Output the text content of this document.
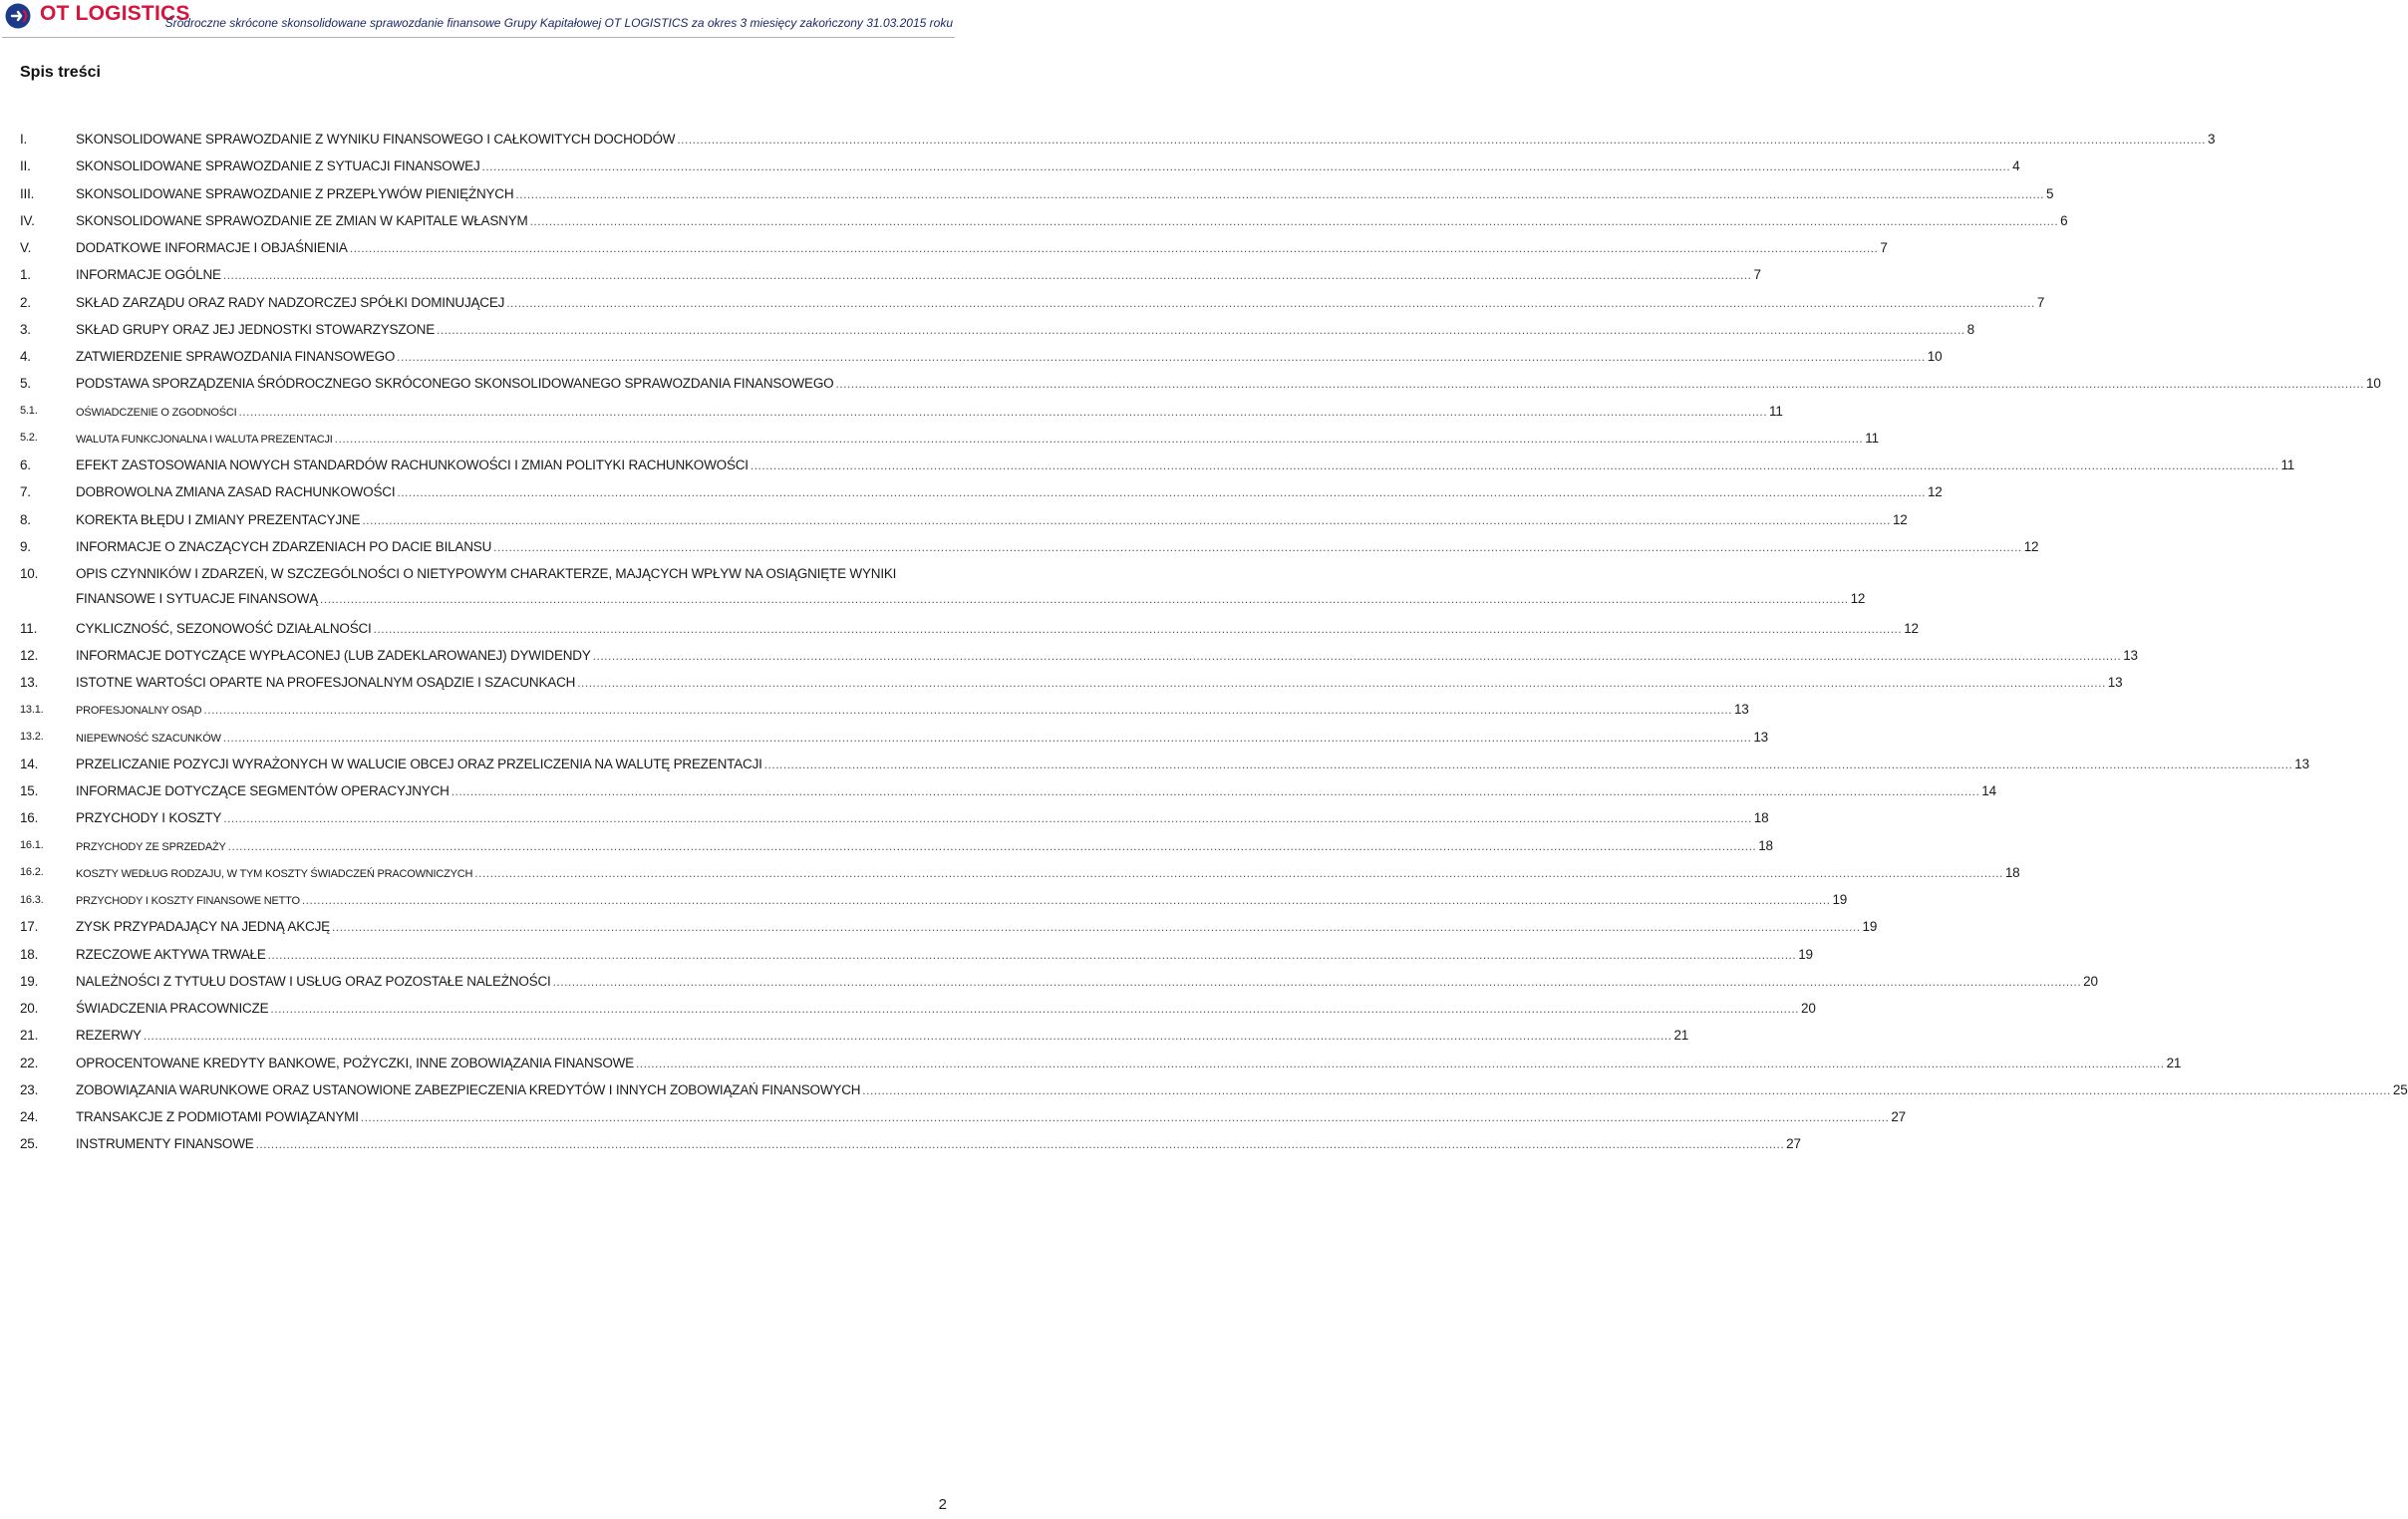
OT LOGISTICS
Śródroczne skrócone skonsolidowane sprawozdanie finansowe Grupy Kapitałowej OT LOGISTICS za okres 3 miesięcy zakończony 31.03.2015 roku
Spis treści
I.	SKONSOLIDOWANE SPRAWOZDANIE Z WYNIKU FINANSOWEGO I CAŁKOWITYCH DOCHODÓW ................................................................................................................................................................................................................................................................................................................................................................................................................ 3
II.	SKONSOLIDOWANE SPRAWOZDANIE Z SYTUACJI FINANSOWEJ ................................................................................................................................................................................................................................................................................................................................................................................................................ 4
III.	SKONSOLIDOWANE SPRAWOZDANIE Z PRZEPŁYWÓW PIENIĘŻNYCH ................................................................................................................................................................................................................................................................................................................................................................................................................ 5
IV.	SKONSOLIDOWANE SPRAWOZDANIE ZE ZMIAN W KAPITALE WŁASNYM ................................................................................................................................................................................................................................................................................................................................................................................................................ 6
V.	DODATKOWE INFORMACJE I OBJAŚNIENIA ................................................................................................................................................................................................................................................................................................................................................................................................................ 7
1.	INFORMACJE OGÓLNE ................................................................................................................................................................................................................................................................................................................................................................................................................ 7
2.	SKŁAD ZARZĄDU ORAZ RADY NADZORCZEJ SPÓŁKI DOMINUJĄCEJ ................................................................................................................................................................................................................................................................................................................................................................................................................ 7
3.	SKŁAD GRUPY ORAZ JEJ JEDNOSTKI STOWARZYSZONE ................................................................................................................................................................................................................................................................................................................................................................................................................ 8
4.	ZATWIERDZENIE SPRAWOZDANIA FINANSOWEGO ................................................................................................................................................................................................................................................................................................................................................................................................................ 10
5.	PODSTAWA SPORZĄDZENIA ŚRÓDROCZNEGO SKRÓCONEGO SKONSOLIDOWANEGO SPRAWOZDANIA FINANSOWEGO ................................................................................................................................................................................................................................................................................................................................................................................................................ 10
5.1.	OŚWIADCZENIE O ZGODNOŚCI ................................................................................................................................................................................................................................................................................................................................................................................................................ 11
5.2.	WALUTA FUNKCJONALNA I WALUTA PREZENTACJI ................................................................................................................................................................................................................................................................................................................................................................................................................ 11
6.	EFEKT ZASTOSOWANIA NOWYCH STANDARDÓW RACHUNKOWOŚCI I ZMIAN POLITYKI RACHUNKOWOŚCI ................................................................................................................................................................................................................................................................................................................................................................................................................ 11
7.	DOBROWOLNA ZMIANA ZASAD RACHUNKOWOŚCI ................................................................................................................................................................................................................................................................................................................................................................................................................ 12
8.	KOREKTA BŁĘDU I ZMIANY PREZENTACYJNE ................................................................................................................................................................................................................................................................................................................................................................................................................ 12
9.	INFORMACJE O ZNACZĄCYCH ZDARZENIACH PO DACIE BILANSU ................................................................................................................................................................................................................................................................................................................................................................................................................ 12
10.	OPIS CZYNNIKÓW I ZDARZEŃ, W SZCZEGÓLNOŚCI O NIETYPOWYM CHARAKTERZE, MAJĄCYCH WPŁYW NA OSIĄGNIĘTE WYNIKI
FINANSOWE I SYTUACJE FINANSOWĄ ................................................................................................................................................................................................................................................................................................................................................................................................................ 12
11.	CYKLICZNOŚĆ, SEZONOWOŚĆ DZIAŁALNOŚCI ................................................................................................................................................................................................................................................................................................................................................................................................................ 12
12.	INFORMACJE DOTYCZĄCE WYPŁACONEJ (LUB ZADEKLAROWANEJ) DYWIDENDY ................................................................................................................................................................................................................................................................................................................................................................................................................ 13
13.	ISTOTNE WARTOŚCI OPARTE NA PROFESJONALNYM OSĄDZIE I SZACUNKACH ................................................................................................................................................................................................................................................................................................................................................................................................................ 13
13.1.	PROFESJONALNY OSĄD ................................................................................................................................................................................................................................................................................................................................................................................................................ 13
13.2.	NIEPEWNOŚĆ SZACUNKÓW ................................................................................................................................................................................................................................................................................................................................................................................................................ 13
14.	PRZELICZANIE POZYCJI WYRAŻONYCH W WALUCIE OBCEJ ORAZ PRZELICZENIA NA WALUTĘ PREZENTACJI ................................................................................................................................................................................................................................................................................................................................................................................................................ 13
15.	INFORMACJE DOTYCZĄCE SEGMENTÓW OPERACYJNYCH ................................................................................................................................................................................................................................................................................................................................................................................................................ 14
16.	PRZYCHODY I KOSZTY ................................................................................................................................................................................................................................................................................................................................................................................................................ 18
16.1.	PRZYCHODY ZE SPRZEDAŻY ................................................................................................................................................................................................................................................................................................................................................................................................................ 18
16.2.	KOSZTY WEDŁUG RODZAJU, W TYM KOSZTY ŚWIADCZEŃ PRACOWNICZYCH ................................................................................................................................................................................................................................................................................................................................................................................................................ 18
16.3.	PRZYCHODY I KOSZTY FINANSOWE NETTO ................................................................................................................................................................................................................................................................................................................................................................................................................ 19
17.	ZYSK PRZYPADAJĄCY NA JEDNĄ AKCJĘ ................................................................................................................................................................................................................................................................................................................................................................................................................ 19
18.	RZECZOWE AKTYWA TRWAŁE ................................................................................................................................................................................................................................................................................................................................................................................................................ 19
19.	NALEŻNOŚCI Z TYTUŁU DOSTAW I USŁUG ORAZ POZOSTAŁE NALEŻNOŚCI ................................................................................................................................................................................................................................................................................................................................................................................................................ 20
20.	ŚWIADCZENIA PRACOWNICZE ................................................................................................................................................................................................................................................................................................................................................................................................................ 20
21.	REZERWY ................................................................................................................................................................................................................................................................................................................................................................................................................ 21
22.	OPROCENTOWANE KREDYTY BANKOWE, POŻYCZKI, INNE ZOBOWIĄZANIA FINANSOWE ................................................................................................................................................................................................................................................................................................................................................................................................................ 21
23.	ZOBOWIĄZANIA WARUNKOWE ORAZ USTANOWIONE ZABEZPIECZENIA KREDYTÓW I INNYCH ZOBOWIĄZAŃ FINANSOWYCH ................................................................................................................................................................................................................................................................................................................................................................................................................ 25
24.	TRANSAKCJE Z PODMIOTAMI POWIĄZANYMI ................................................................................................................................................................................................................................................................................................................................................................................................................ 27
25.	INSTRUMENTY FINANSOWE ................................................................................................................................................................................................................................................................................................................................................................................................................ 27
2
